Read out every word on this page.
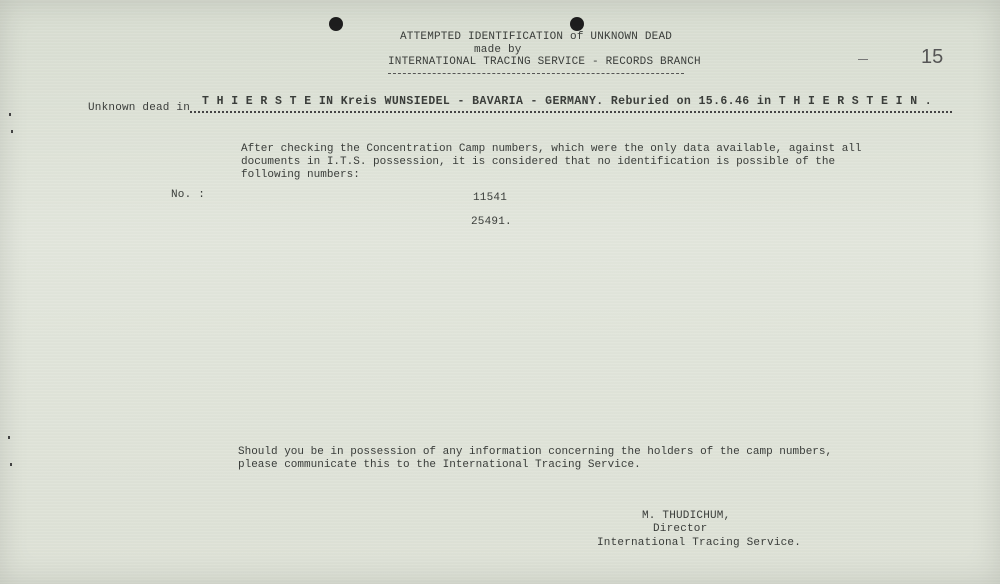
ATTEMPTED IDENTIFICATION of UNKNOWN DEAD
made by
INTERNATIONAL TRACING SERVICE - RECORDS BRANCH	15
Unknown dead in T H I E R S T E IN Kreis WUNSIEDEL - BAVARIA - GERMANY. Reburied on 15.6.46 in T H I E R S T E I N .
After checking the Concentration Camp numbers, which were the only data available, against all
documents in I.T.S. possession, it is considered that no identification is possible of the
following numbers:
No. :	11541
25491.
Should you be in possession of any information concerning the holders of the camp numbers,
please communicate this to the International Tracing Service.
M. THUDICHUM,
Director
International Tracing Service.
